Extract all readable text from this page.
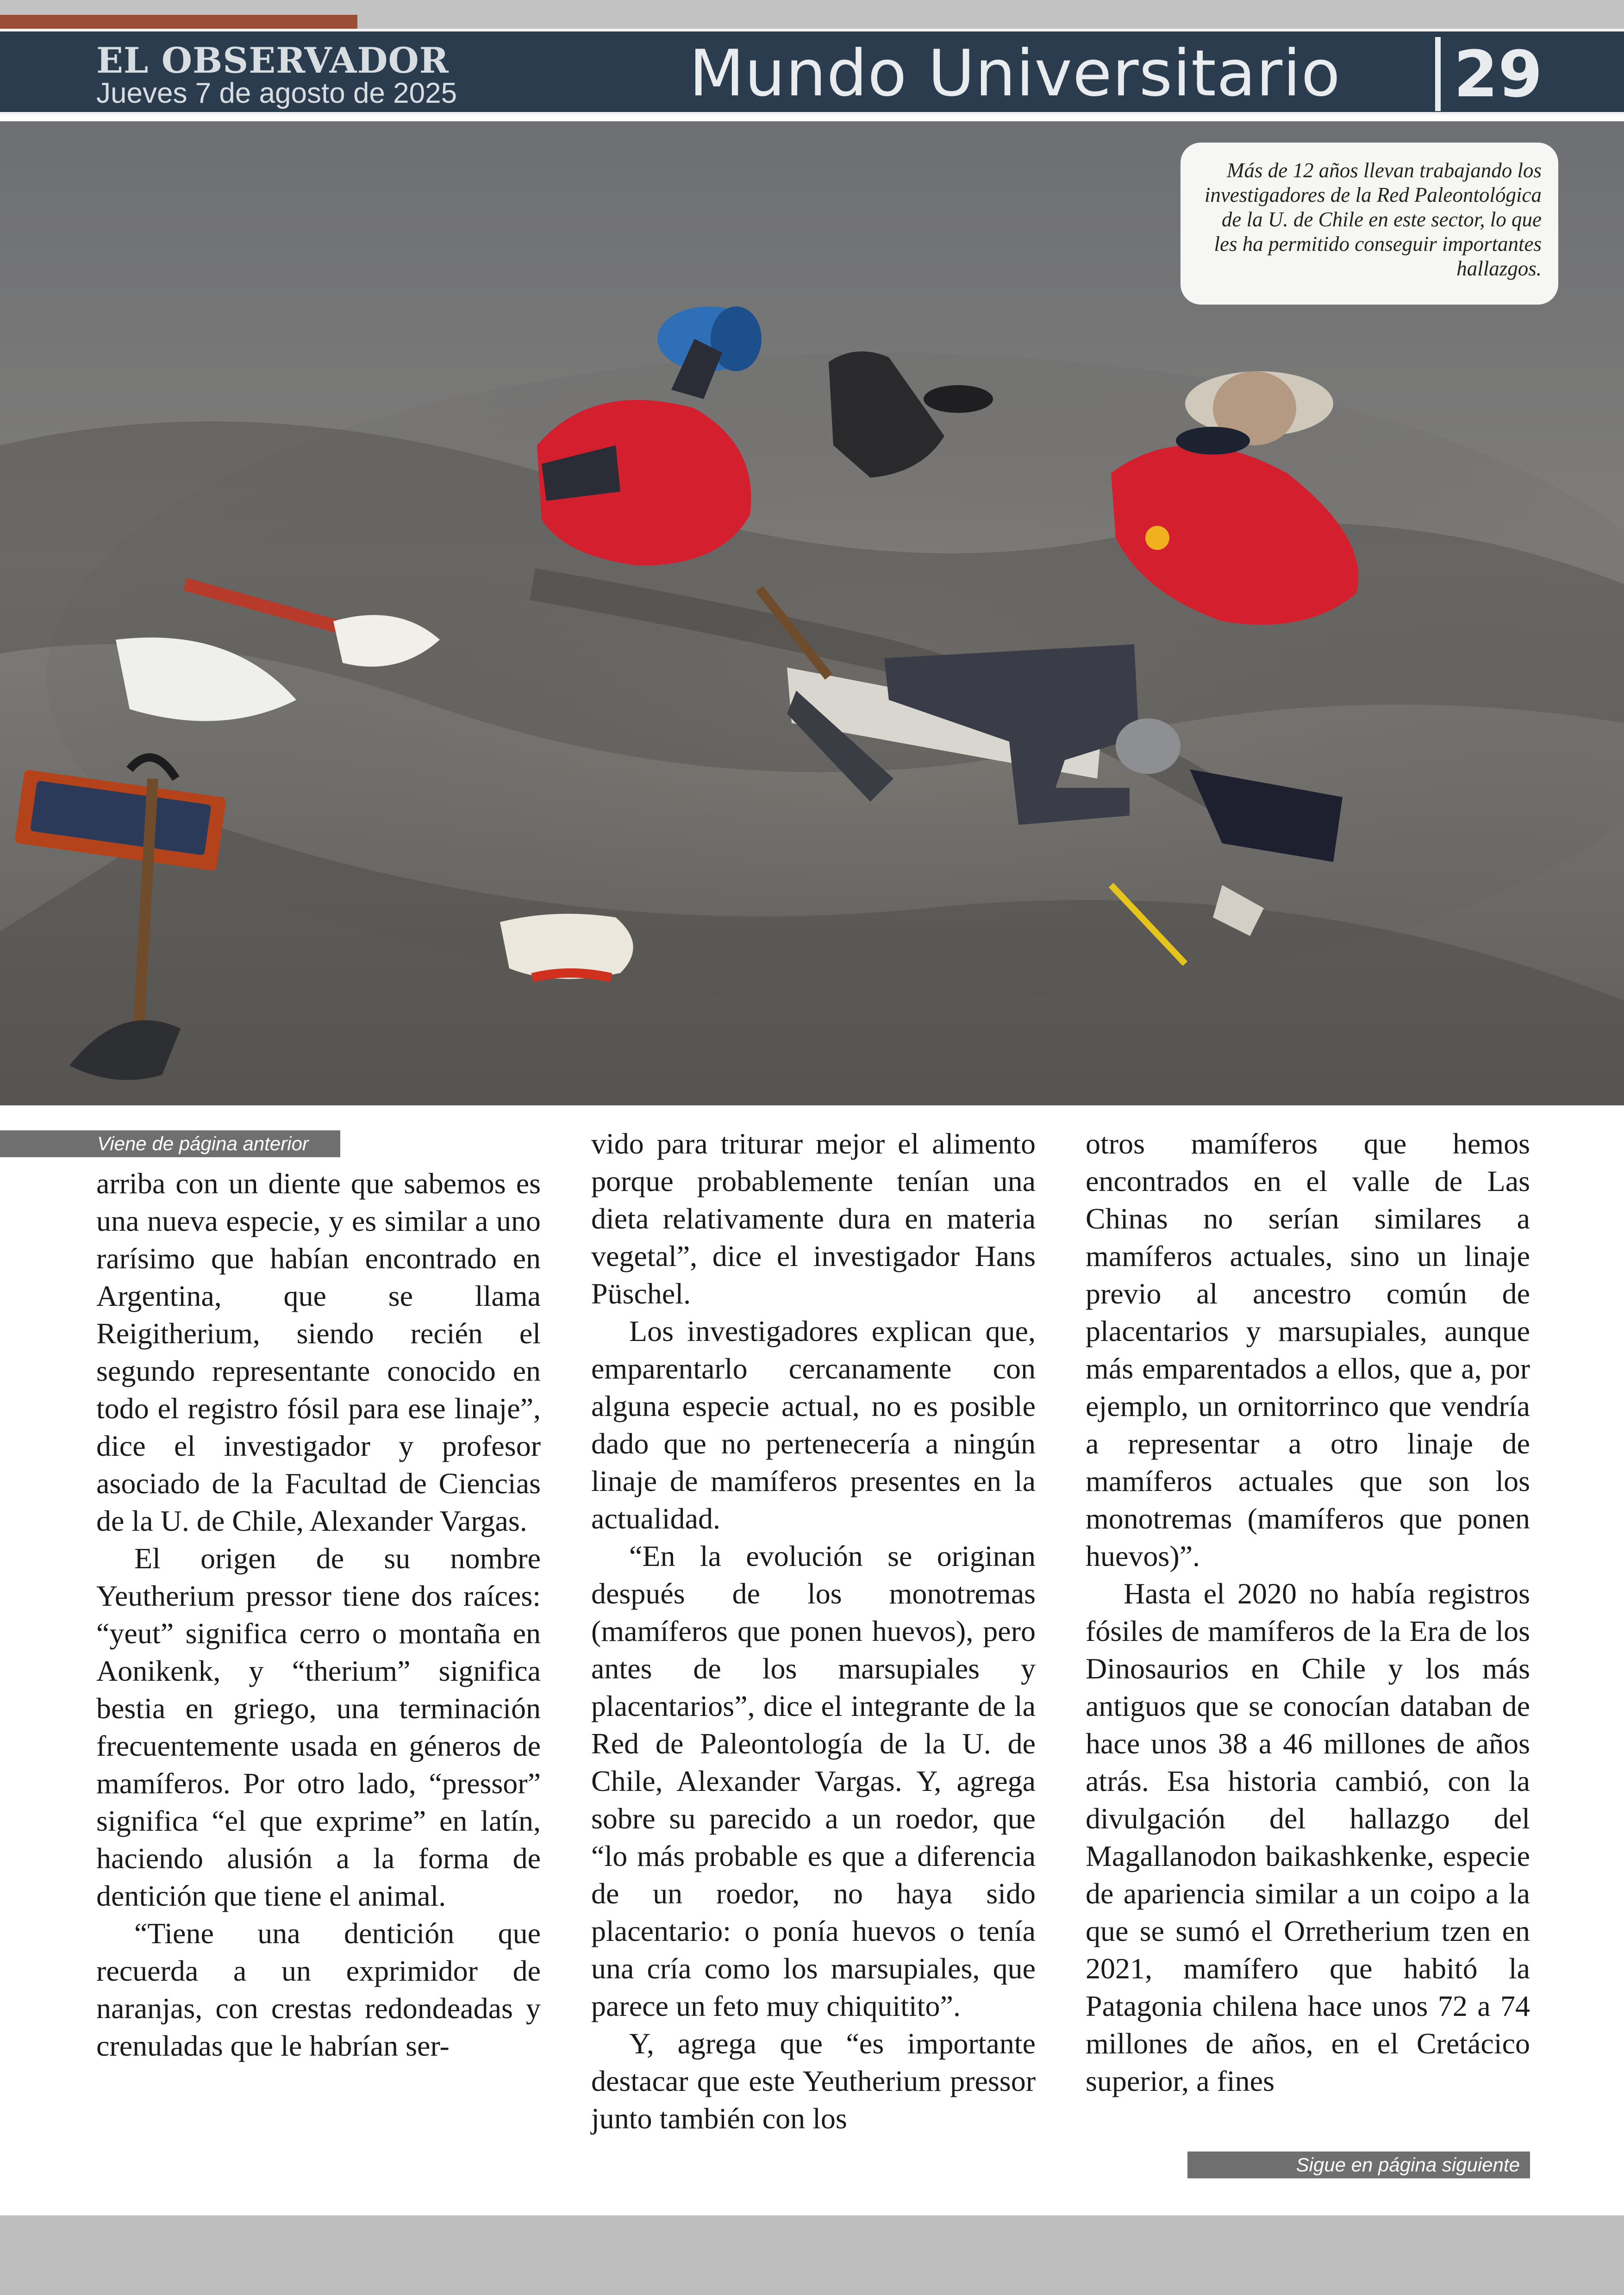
EL OBSERVADOR
Jueves 7 de agosto de 2025	Mundo Universitario 29
Más de 12 años llevan trabajando los investigadores de la Red Paleontológica de la U. de Chile en este sector, lo que les ha permitido conseguir importantes hallazgos.
Viene de página anterior

arriba con un diente que sabemos es una nueva especie, y es similar a uno rarísimo que habían encontrado en Argentina, que se llama Reigitherium, siendo recién el segundo representante conocido en todo el registro fósil para ese linaje”, dice el investigador y profesor asociado de la Facultad de Ciencias de la U. de Chile, Alexander Vargas.

El origen de su nombre Yeutherium pressor tiene dos raíces: “yeut” significa cerro o montaña en Aonikenk, y “therium” significa bestia en griego, una terminación frecuentemente usada en géneros de mamíferos. Por otro lado, “pressor” significa “el que exprime” en latín, haciendo alusión a la forma de dentición que tiene el animal.

“Tiene una dentición que recuerda a un exprimidor de naranjas, con crestas redondeadas y crenuladas que le habrían ser-

vido para triturar mejor el alimento porque probablemente tenían una dieta relativamente dura en materia vegetal”, dice el investigador Hans Püschel.

Los investigadores explican que, emparentarlo cercanamente con alguna especie actual, no es posible dado que no pertenecería a ningún linaje de mamíferos presentes en la actualidad.

“En la evolución se originan después de los monotremas (mamíferos que ponen huevos), pero antes de los marsupiales y placentarios”, dice el integrante de la Red de Paleontología de la U. de Chile, Alexander Vargas. Y, agrega sobre su parecido a un roedor, que “lo más probable es que a diferencia de un roedor, no haya sido placentario: o ponía huevos o tenía una cría como los marsupiales, que parece un feto muy chiquitito”.

Y, agrega que “es importante destacar que este Yeutherium pressor junto también con los

otros mamíferos que hemos encontrados en el valle de Las Chinas no serían similares a mamíferos actuales, sino un linaje previo al ancestro común de placentarios y marsupiales, aunque más emparentados a ellos, que a, por ejemplo, un ornitorrinco que vendría a representar a otro linaje de mamíferos actuales que son los monotremas (mamíferos que ponen huevos)”.

Hasta el 2020 no había registros fósiles de mamíferos de la Era de los Dinosaurios en Chile y los más antiguos que se conocían databan de hace unos 38 a 46 millones de años atrás. Esa historia cambió, con la divulgación del hallazgo del Magallanodon baikashkenke, especie de apariencia similar a un coipo a la que se sumó el Orretherium tzen en 2021, mamífero que habitó la Patagonia chilena hace unos 72 a 74 millones de años, en el Cretácico superior, a fines

Sigue en página siguiente
